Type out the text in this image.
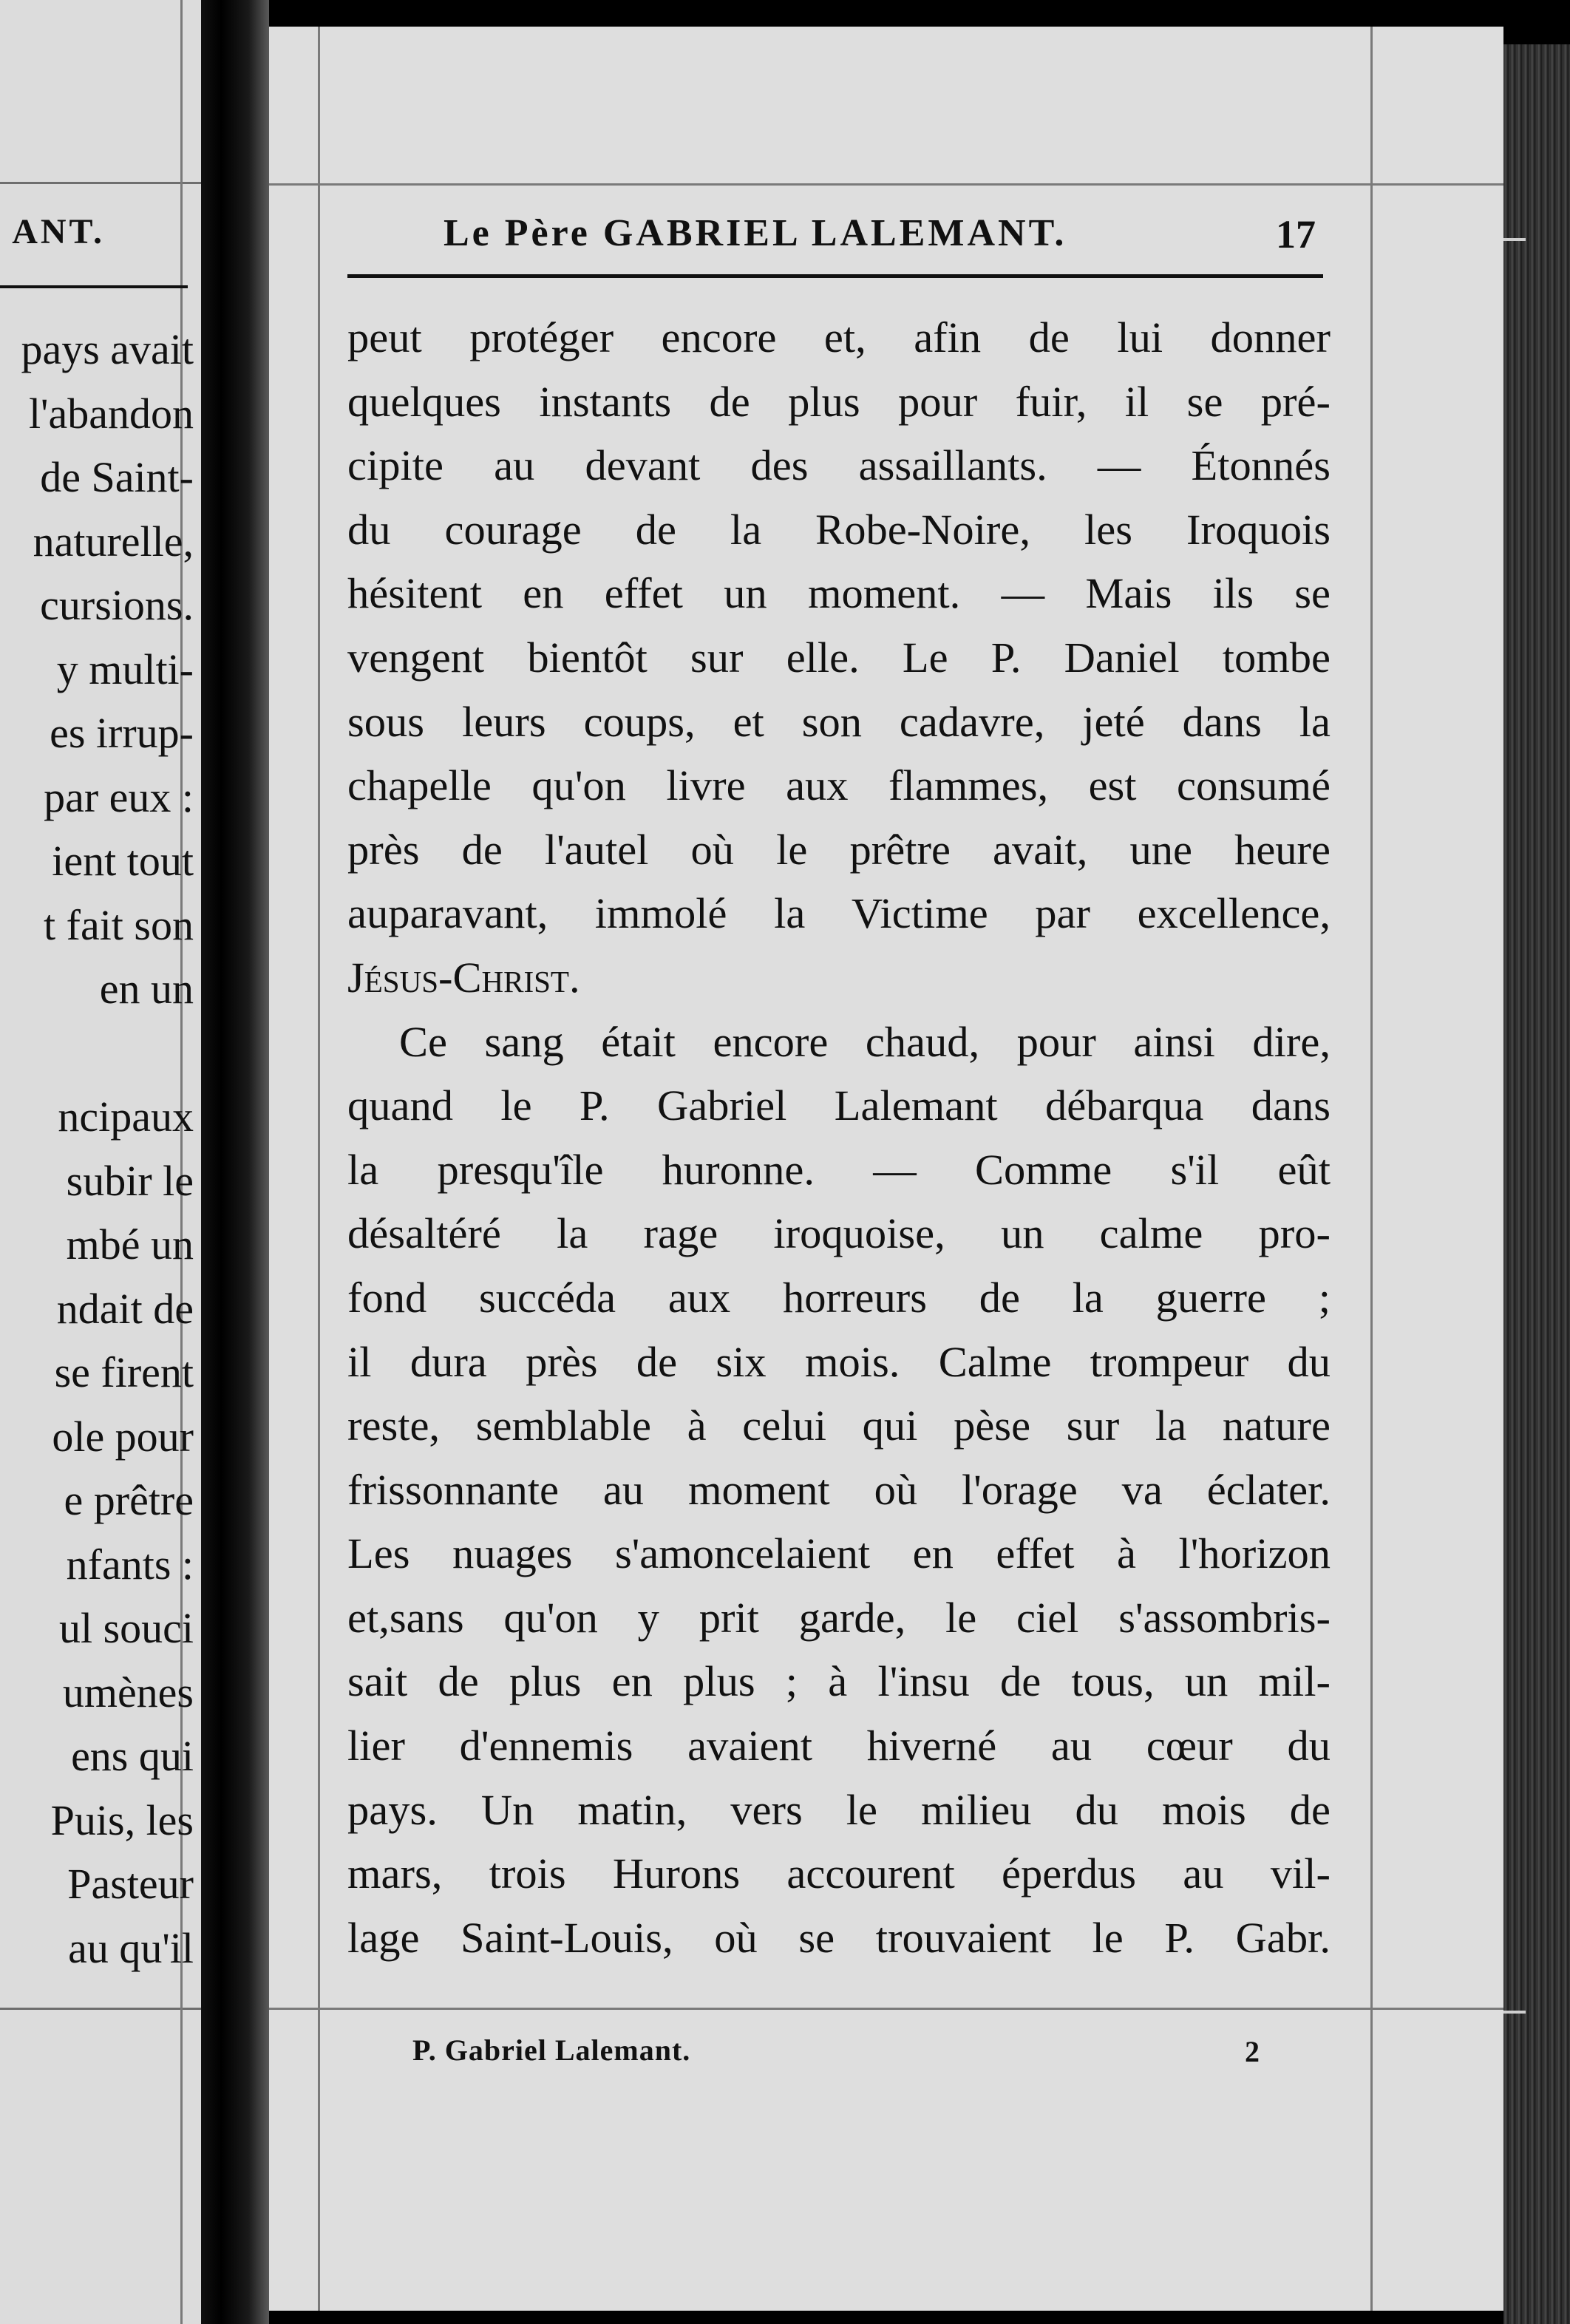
ANT.
pays avait
l'abandon
de Saint-
naturelle,
cursions.
y multi-
es irrup-
par eux :
ient tout
t fait son
en un
ncipaux
subir le
mbé un
ndait de
se firent
ole pour
e prêtre
nfants :
ul souci
umènes
ens qui
Puis, les
Pasteur
au qu'il
Le Père GABRIEL LALEMANT.	17
peut protéger encore et, afin de lui donner
quelques instants de plus pour fuir, il se pré-
cipite au devant des assaillants. — Étonnés
du courage de la Robe-Noire, les Iroquois
hésitent en effet un moment. — Mais ils se
vengent bientôt sur elle. Le P. Daniel tombe
sous leurs coups, et son cadavre, jeté dans la
chapelle qu'on livre aux flammes, est consumé
près de l'autel où le prêtre avait, une heure
auparavant, immolé la Victime par excellence,
Jésus-Christ.
Ce sang était encore chaud, pour ainsi dire,
quand le P. Gabriel Lalemant débarqua dans
la presqu'île huronne. — Comme s'il eût
désaltéré la rage iroquoise, un calme pro-
fond succéda aux horreurs de la guerre ;
il dura près de six mois. Calme trompeur du
reste, semblable à celui qui pèse sur la nature
frissonnante au moment où l'orage va éclater.
Les nuages s'amoncelaient en effet à l'horizon
et,sans qu'on y prit garde, le ciel s'assombris-
sait de plus en plus ; à l'insu de tous, un mil-
lier d'ennemis avaient hiverné au cœur du
pays. Un matin, vers le milieu du mois de
mars, trois Hurons accourent éperdus au vil-
lage Saint-Louis, où se trouvaient le P. Gabr.
P. Gabriel Lalemant.	2
